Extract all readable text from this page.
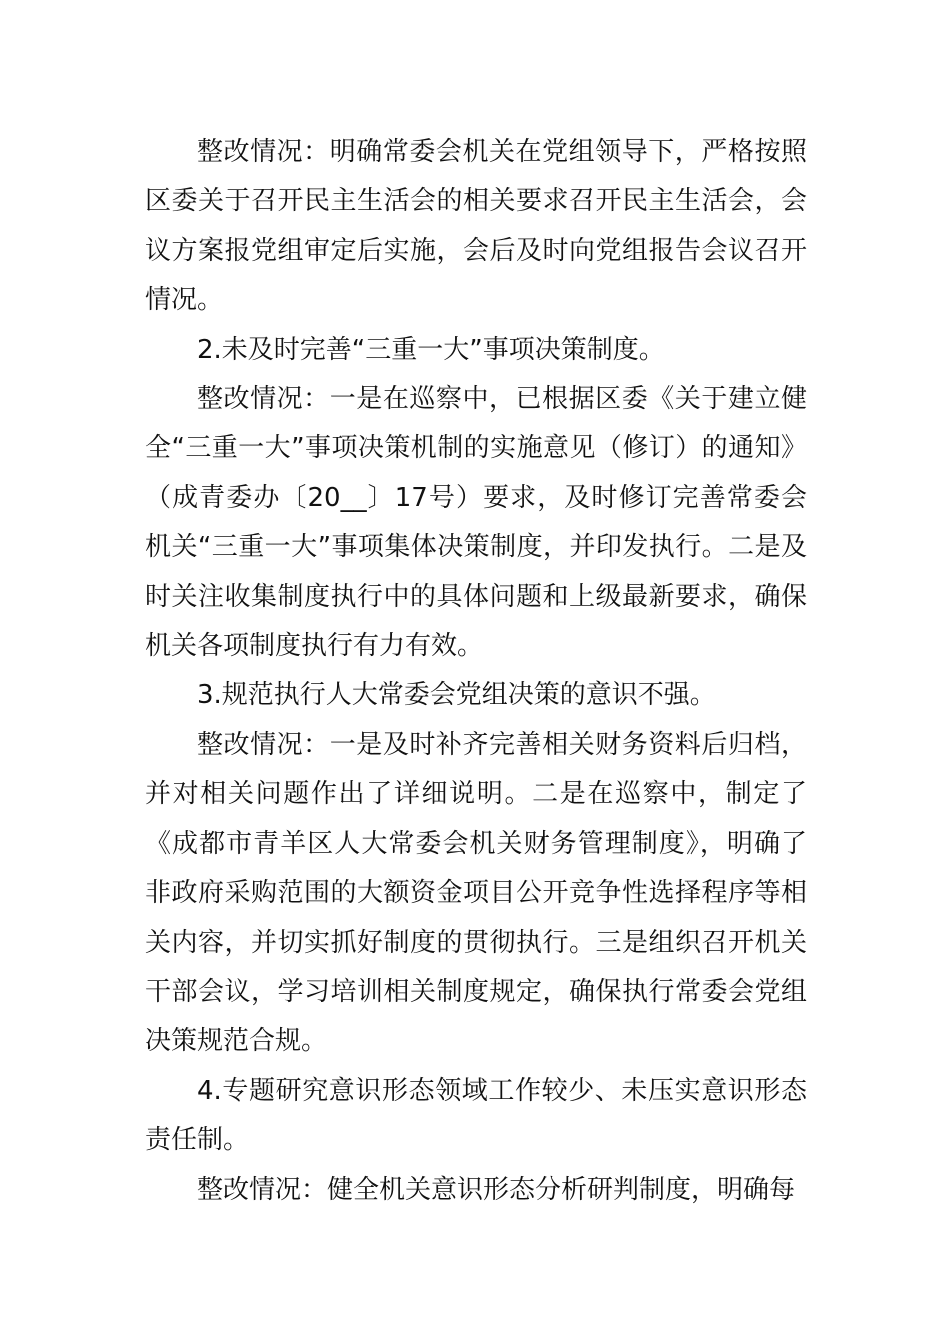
整改情况：明确常委会机关在党组领导下，严格按照区委关于召开民主生活会的相关要求召开民主生活会，会议方案报党组审定后实施，会后及时向党组报告会议召开情况。

2.未及时完善“三重一大”事项决策制度。

整改情况：一是在巡察中，已根据区委《关于建立健全“三重一大”事项决策机制的实施意见（修订）的通知》（成青委办〔20__〕17号）要求，及时修订完善常委会机关“三重一大”事项集体决策制度，并印发执行。二是及时关注收集制度执行中的具体问题和上级最新要求，确保机关各项制度执行有力有效。

3.规范执行人大常委会党组决策的意识不强。

整改情况：一是及时补齐完善相关财务资料后归档，并对相关问题作出了详细说明。二是在巡察中，制定了《成都市青羊区人大常委会机关财务管理制度》，明确了非政府采购范围的大额资金项目公开竞争性选择程序等相关内容，并切实抓好制度的贯彻执行。三是组织召开机关干部会议，学习培训相关制度规定，确保执行常委会党组决策规范合规。

4.专题研究意识形态领域工作较少、未压实意识形态责任制。

整改情况：健全机关意识形态分析研判制度，明确每
